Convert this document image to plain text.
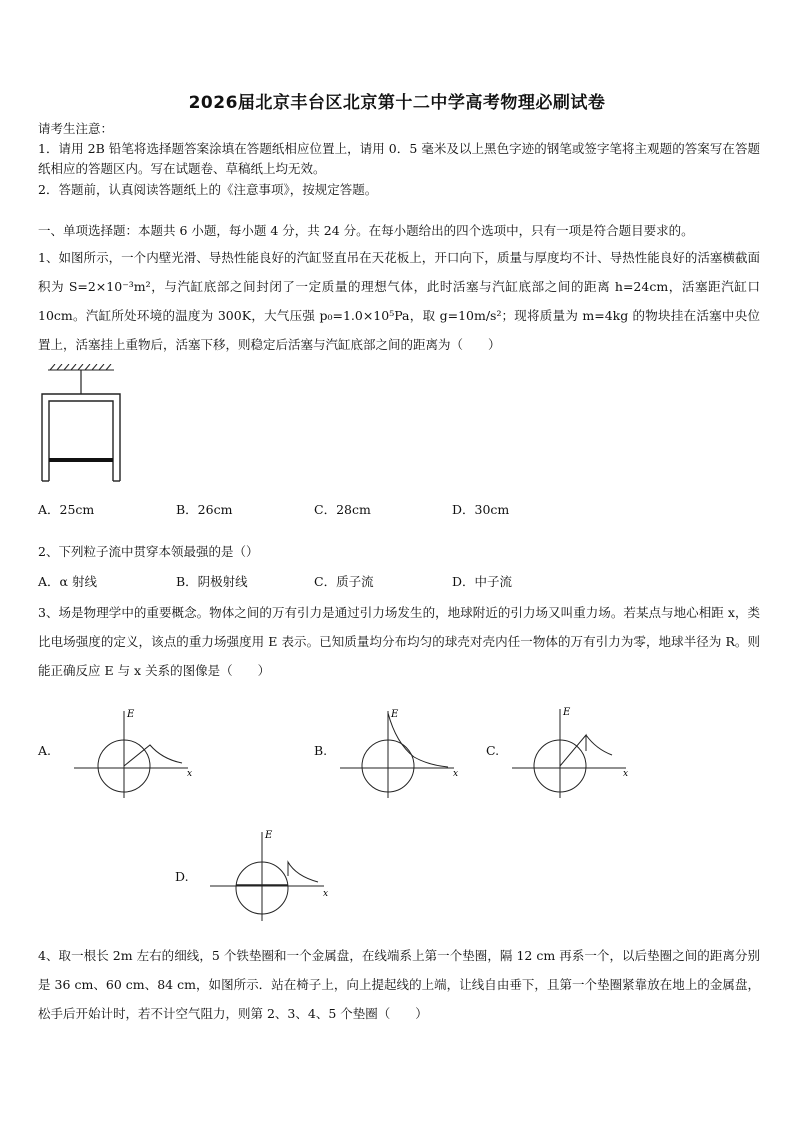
2026届北京丰台区北京第十二中学高考物理必刷试卷
请考生注意：
1．请用 2B 铅笔将选择题答案涂填在答题纸相应位置上，请用 0．5 毫米及以上黑色字迹的钢笔或签字笔将主观题的答案写在答题纸相应的答题区内。写在试题卷、草稿纸上均无效。
2．答题前，认真阅读答题纸上的《注意事项》，按规定答题。
一、单项选择题：本题共 6 小题，每小题 4 分，共 24 分。在每小题给出的四个选项中，只有一项是符合题目要求的。
1、如图所示，一个内壁光滑、导热性能良好的汽缸竖直吊在天花板上，开口向下，质量与厚度均不计、导热性能良好的活塞横截面积为 S=2×10⁻³m²，与汽缸底部之间封闭了一定质量的理想气体，此时活塞与汽缸底部之间的距离 h=24cm，活塞距汽缸口 10cm。汽缸所处环境的温度为 300K，大气压强 p₀=1.0×10⁵Pa，取 g=10m/s²；现将质量为 m=4kg 的物块挂在活塞中央位置上，活塞挂上重物后，活塞下移，则稳定后活塞与汽缸底部之间的距离为（　　）
A．25cm	B．26cm	C．28cm	D．30cm
2、下列粒子流中贯穿本领最强的是（）
A．α 射线	B．阴极射线	C．质子流	D．中子流
3、场是物理学中的重要概念。物体之间的万有引力是通过引力场发生的，地球附近的引力场又叫重力场。若某点与地心相距 x，类比电场强度的定义，该点的重力场强度用 E 表示。已知质量均分布均匀的球壳对壳内任一物体的万有引力为零，地球半径为 R。则能正确反应 E 与 x 关系的图像是（　　）
A.
x
E
B.
x
E
C.
x
E
D.
x
E
4、取一根长 2m 左右的细线，5 个铁垫圈和一个金属盘，在线端系上第一个垫圈，隔 12 cm 再系一个，以后垫圈之间的距离分别是 36 cm、60 cm、84 cm，如图所示．站在椅子上，向上提起线的上端，让线自由垂下，且第一个垫圈紧靠放在地上的金属盘，松手后开始计时，若不计空气阻力，则第 2、3、4、5 个垫圈（　　）
